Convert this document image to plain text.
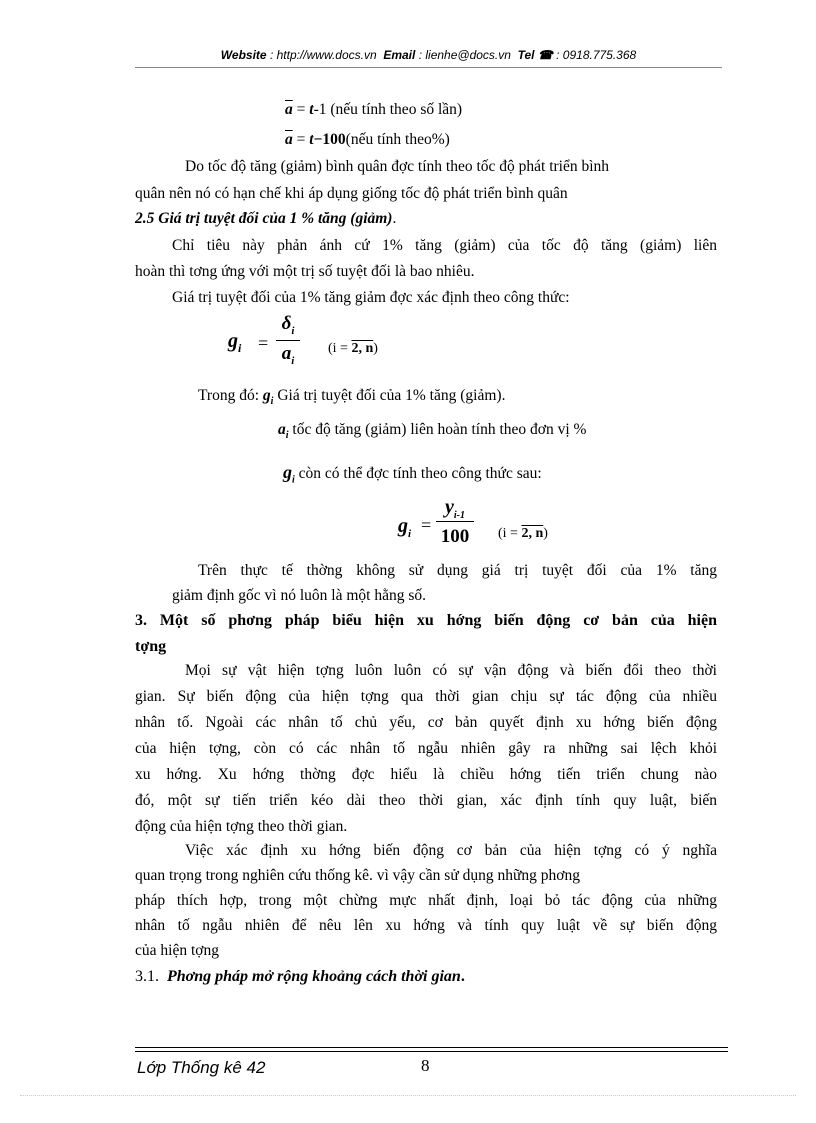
Website : http://www.docs.vn Email : lienhe@docs.vn Tel ☎ : 0918.775.368
$\overline{a} = t-1$ (nếu tính theo số lần)
$\overline{a}$ = t−100(nếu tính theo%)
Do tốc độ tăng (giảm) bình quân đợc tính theo tốc độ phát triển bình
quân nên nó có hạn chế khi áp dụng giống tốc độ phát triển bình quân
2.5 Giá trị tuyệt đối của 1 % tăng (giảm).
Chỉ tiêu này phản ánh cứ 1% tăng (giảm) của tốc độ tăng (giảm) liên
hoàn thì tơng ứng với một trị số tuyệt đối là bao nhiêu.
Giá trị tuyệt đối của 1% tăng giảm đợc xác định theo công thức:
$g_i$ =
$\delta_i$
$a_i$
(i = 2, n)
Trong đó: $g_i$ Giá trị tuyệt đối của 1% tăng (giảm).
$a_i$ tốc độ tăng (giảm) liên hoàn tính theo đơn vị %
$g_i$ còn có thể đợc tính theo công thức sau:
$g_i$ =
$y_{i-1}$
100	(i = 2, n)
Trên thực tế thờng không sử dụng giá trị tuyệt đối của 1% tăng
giảm định gốc vì nó luôn là một hằng số.
3. Một số phơng pháp biểu hiện xu hớng biến động cơ bản của hiện
tợng
Mọi sự vật hiện tợng luôn luôn có sự vận động và biến đổi theo thời
gian. Sự biến động của hiện tợng qua thời gian chịu sự tác động của nhiều
nhân tố. Ngoài các nhân tố chủ yếu, cơ bản quyết định xu hớng biến động
của hiện tợng, còn có các nhân tố ngẫu nhiên gây ra những sai lệch khỏi
xu hớng. Xu hớng thờng đợc hiểu là chiều hớng tiến triển chung nào
đó, một sự tiến triển kéo dài theo thời gian, xác định tính quy luật, biến
động của hiện tợng theo thời gian.
Việc xác định xu hớng biến động cơ bản của hiện tợng có ý nghĩa
quan trọng trong nghiên cứu thống kê. vì vậy cần sử dụng những phơng
pháp thích hợp, trong một chừng mực nhất định, loại bỏ tác động của những
nhân tố ngẫu nhiên để nêu lên xu hớng và tính quy luật về sự biến động
của hiện tợng
3.1. Phơng pháp mở rộng khoảng cách thời gian.
Lớp Thống kê 42	8
